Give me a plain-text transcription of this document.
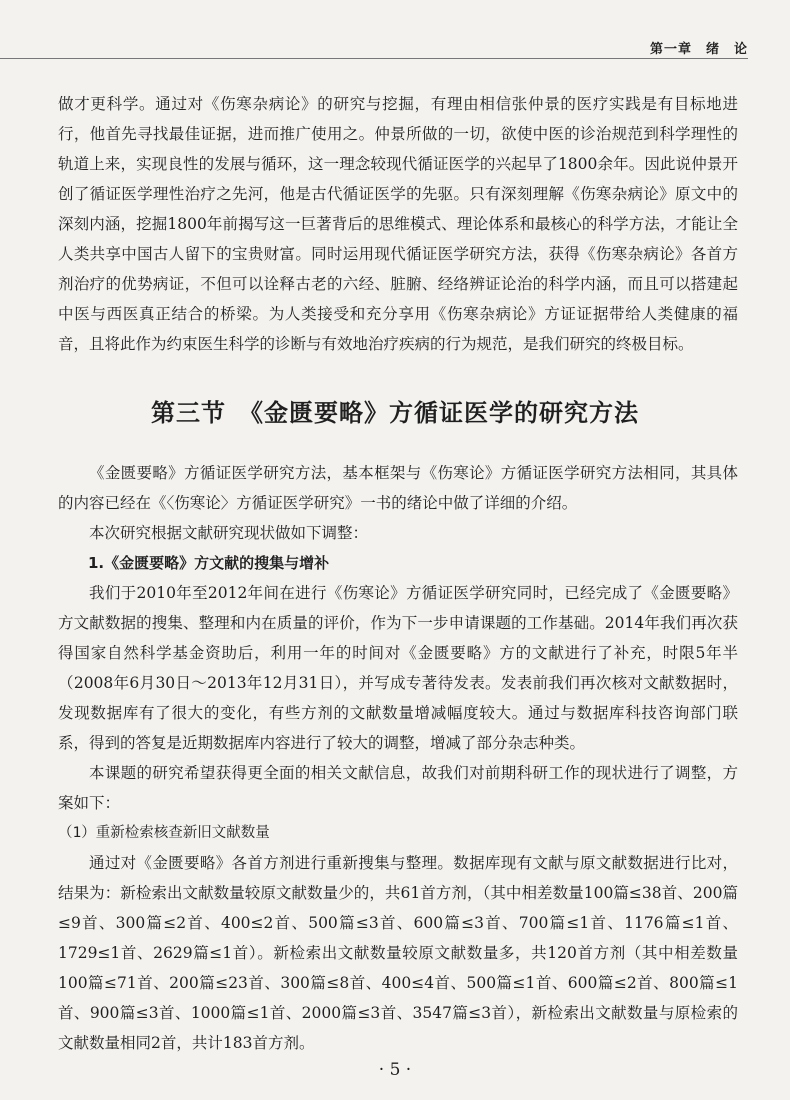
第一章　绪　论

做才更科学。通过对《伤寒杂病论》的研究与挖掘，有理由相信张仲景的医疗实践是有目标地进行，他首先寻找最佳证据，进而推广使用之。仲景所做的一切，欲使中医的诊治规范到科学理性的轨道上来，实现良性的发展与循环，这一理念较现代循证医学的兴起早了1800余年。因此说仲景开创了循证医学理性治疗之先河，他是古代循证医学的先驱。只有深刻理解《伤寒杂病论》原文中的深刻内涵，挖掘1800年前揭写这一巨著背后的思维模式、理论体系和最核心的科学方法，才能让全人类共享中国古人留下的宝贵财富。同时运用现代循证医学研究方法，获得《伤寒杂病论》各首方剂治疗的优势病证，不但可以诠释古老的六经、脏腑、经络辨证论治的科学内涵，而且可以搭建起中医与西医真正结合的桥梁。为人类接受和充分享用《伤寒杂病论》方证证据带给人类健康的福音，且将此作为约束医生科学的诊断与有效地治疗疾病的行为规范，是我们研究的终极目标。

第三节　《金匮要略》方循证医学的研究方法

《金匮要略》方循证医学研究方法，基本框架与《伤寒论》方循证医学研究方法相同，其具体的内容已经在《〈伤寒论〉方循证医学研究》一书的绪论中做了详细的介绍。

本次研究根据文献研究现状做如下调整：

1.《金匮要略》方文献的搜集与增补

我们于2010年至2012年间在进行《伤寒论》方循证医学研究同时，已经完成了《金匮要略》方文献数据的搜集、整理和内在质量的评价，作为下一步申请课题的工作基础。2014年我们再次获得国家自然科学基金资助后，利用一年的时间对《金匮要略》方的文献进行了补充，时限5年半（2008年6月30日～2013年12月31日），并写成专著待发表。发表前我们再次核对文献数据时，发现数据库有了很大的变化，有些方剂的文献数量增减幅度较大。通过与数据库科技咨询部门联系，得到的答复是近期数据库内容进行了较大的调整，增减了部分杂志种类。

本课题的研究希望获得更全面的相关文献信息，故我们对前期科研工作的现状进行了调整，方案如下：

（1）重新检索核查新旧文献数量

通过对《金匮要略》各首方剂进行重新搜集与整理。数据库现有文献与原文献数据进行比对，结果为：新检索出文献数量较原文献数量少的，共61首方剂，（其中相差数量100篇≤38首、200篇≤9首、300篇≤2首、400≤2首、500篇≤3首、600篇≤3首、700篇≤1首、1176篇≤1首、1729≤1首、2629篇≤1首）。新检索出文献数量较原文献数量多，共120首方剂（其中相差数量100篇≤71首、200篇≤23首、300篇≤8首、400≤4首、500篇≤1首、600篇≤2首、800篇≤1首、900篇≤3首、1000篇≤1首、2000篇≤3首、3547篇≤3首），新检索出文献数量与原检索的文献数量相同2首，共计183首方剂。

· 5 ·
